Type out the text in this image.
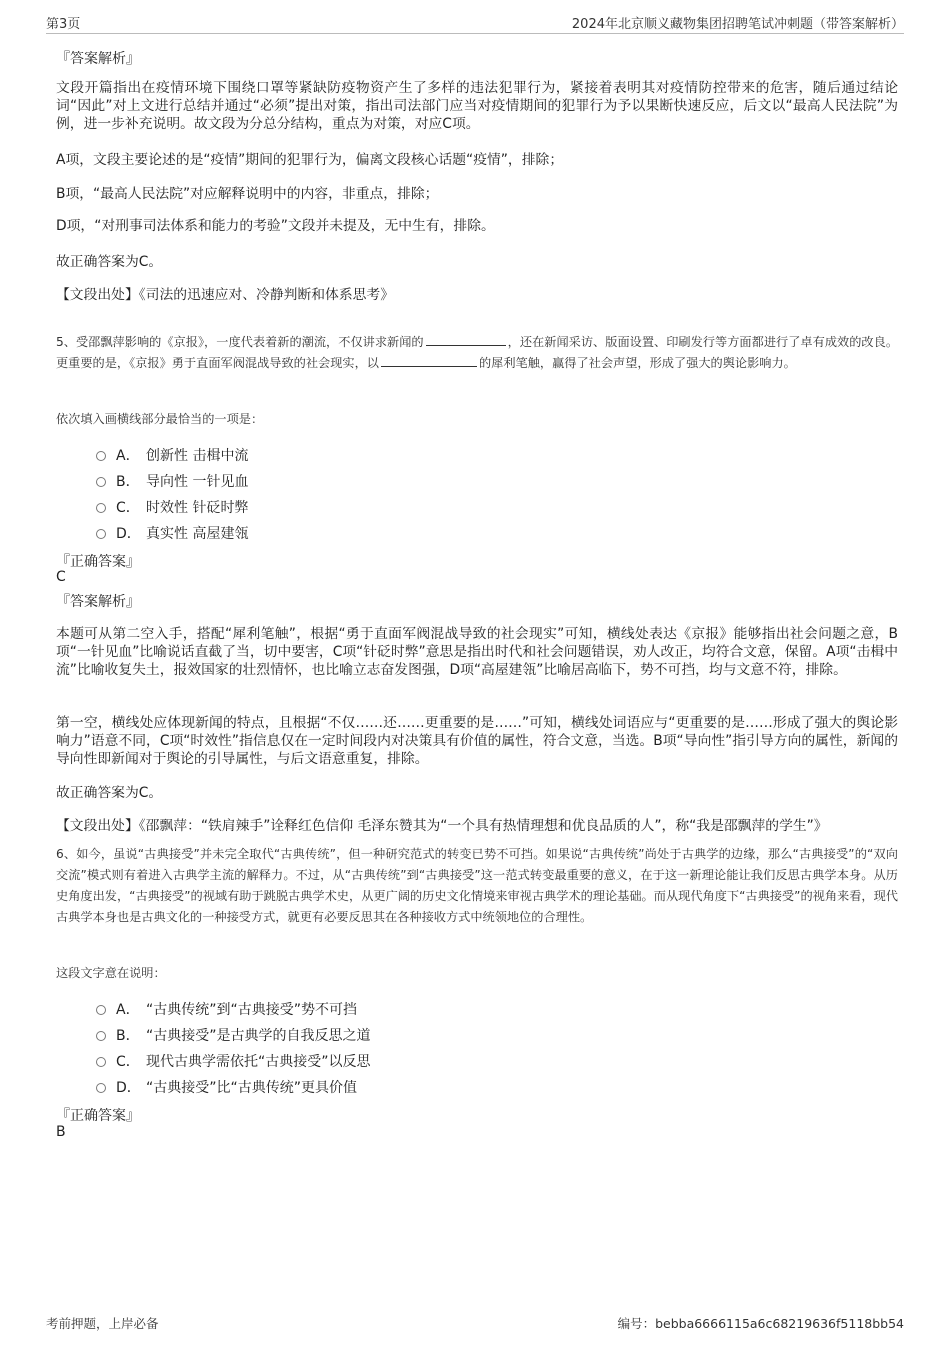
第3页	2024年北京顺义藏物集团招聘笔试冲刺题（带答案解析）
『答案解析』
文段开篇指出在疫情环境下围绕口罩等紧缺防疫物资产生了多样的违法犯罪行为，紧接着表明其对疫情防控带来的危害，随后通过结论词“因此”对上文进行总结并通过“必须”提出对策，指出司法部门应当对疫情期间的犯罪行为予以果断快速反应，后文以“最高人民法院”为例，进一步补充说明。故文段为分总分结构，重点为对策，对应C项。
A项，文段主要论述的是“疫情”期间的犯罪行为，偏离文段核心话题“疫情”，排除；
B项，“最高人民法院”对应解释说明中的内容，非重点，排除；
D项，“对刑事司法体系和能力的考验”文段并未提及，无中生有，排除。
故正确答案为C。
【文段出处】《司法的迅速应对、冷静判断和体系思考》
5、受邵飘萍影响的《京报》，一度代表着新的潮流，不仅讲求新闻的	，还在新闻采访、版面设置、印刷发行等方面都进行了卓有成效的改良。更重要的是，《京报》勇于直面军阀混战导致的社会现实，以	的犀利笔触，赢得了社会声望，形成了强大的舆论影响力。
依次填入画横线部分最恰当的一项是：
A． 创新性 击楫中流
B． 导向性 一针见血
C． 时效性 针砭时弊
D． 真实性 高屋建瓴
『正确答案』
C
『答案解析』
本题可从第二空入手，搭配“犀利笔触”，根据“勇于直面军阀混战导致的社会现实”可知，横线处表达《京报》能够指出社会问题之意，B项“一针见血”比喻说话直截了当，切中要害，C项“针砭时弊”意思是指出时代和社会问题错误，劝人改正，均符合文意，保留。A项“击楫中流”比喻收复失土，报效国家的壮烈情怀，也比喻立志奋发图强，D项“高屋建瓴”比喻居高临下，势不可挡，均与文意不符，排除。
第一空，横线处应体现新闻的特点，且根据“不仅……还……更重要的是……”可知，横线处词语应与“更重要的是……形成了强大的舆论影响力”语意不同，C项“时效性”指信息仅在一定时间段内对决策具有价值的属性，符合文意，当选。B项“导向性”指引导方向的属性，新闻的导向性即新闻对于舆论的引导属性，与后文语意重复，排除。
故正确答案为C。
【文段出处】《邵飘萍：“铁肩辣手”诠释红色信仰 毛泽东赞其为“一个具有热情理想和优良品质的人”，称“我是邵飘萍的学生”》
6、如今，虽说“古典接受”并未完全取代“古典传统”，但一种研究范式的转变已势不可挡。如果说“古典传统”尚处于古典学的边缘，那么“古典接受”的“双向交流”模式则有着进入古典学主流的解释力。不过，从“古典传统”到“古典接受”这一范式转变最重要的意义，在于这一新理论能让我们反思古典学本身。从历史角度出发，“古典接受”的视域有助于跳脱古典学术史，从更广阔的历史文化情境来审视古典学术的理论基础。而从现代角度下“古典接受”的视角来看，现代古典学本身也是古典文化的一种接受方式，就更有必要反思其在各种接收方式中统领地位的合理性。
这段文字意在说明：
A． “古典传统”到“古典接受”势不可挡
B． “古典接受”是古典学的自我反思之道
C． 现代古典学需依托“古典接受”以反思
D． “古典接受”比“古典传统”更具价值
『正确答案』
B
考前押题，上岸必备	编号：bebba6666115a6c68219636f5118bb54
